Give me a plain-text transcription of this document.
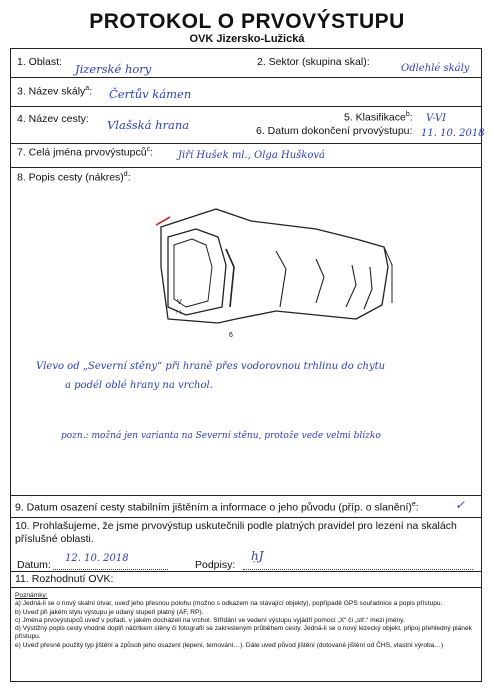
PROTOKOL O PRVOVÝSTUPU
OVK Jizersko-Lužická
1. Oblast: Jizerské hory	2. Sektor (skupina skal):
Odlehlé skály
3. Název skály$^a$: Čertův kámen
4. Název cesty: Vlašská hrana
5. Klasifikace$^b$: V-VI
6. Datum dokončení prvovýstupu: 11. 10. 2018
7. Celá jména prvovýstupců$^c$:	Jiří Hušek ml., Olga Hušková
8. Popis cesty (nákres)$^d$:
V
↑↑
6
Vlevo od „Severní stěny“ při hraně přes vodorovnou trhlinu do chytu
a podél oblé hrany na vrchol.
pozn.: možná jen varianta na Severní stěnu, protože vede velmi blízko
9. Datum osazení cesty stabilním jištěním a informace o jeho původu (příp. o slanění)$^e$:	✓
10. Prohlašujeme, že jsme prvovýstup uskutečnili podle platných pravidel pro lezení na skalách příslušné oblasti.
Datum:
12. 10. 2018
Podpisy:
ḥJ
11. Rozhodnutí OVK:
Poznámky:
a) Jedná-li se o nový skalní útvar, uveď jeho přesnou polohu (možno s odkazem na stávající objekty), popřípadě GPS souřadnice a popis přístupu.
b) Uveď při jakém stylu výstupu je udaný stupeň platný (AF, RP).
c) Jména prvovýstupců uveď v pořadí, v jakém docházeli na vrchol. Střídání ve vedení výstupu vyjádři pomocí „X“ či „stř.“ mezi jmény.
d) Výstižný popis cesty vhodně doplň náčrtkem stěny či fotografií se zakresleným průběhem cesty. Jedná-li se o nový lezecký objekt, připoj přehledný plánek přístupu.
e) Uveď přesně použitý typ jištění a způsob jeho osazení (lepení, temování…). Dále uveď původ jištění (dotované jištění od ČHS, vlastní výroba…)
